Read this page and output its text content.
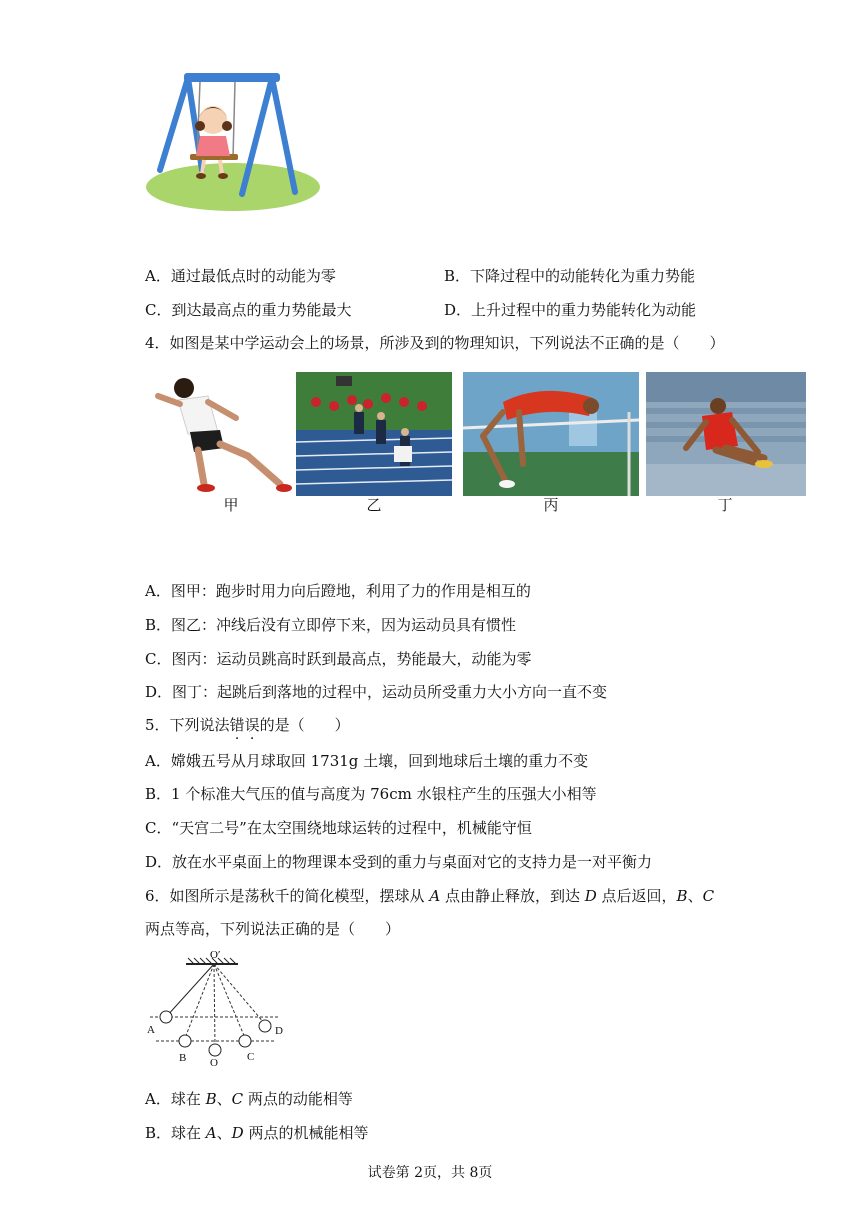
A．通过最低点时的动能为零	B．下降过程中的动能转化为重力势能
C．到达最高点的重力势能最大	D．上升过程中的重力势能转化为动能
4．如图是某中学运动会上的场景，所涉及到的物理知识，下列说法不正确的是（　　）
甲	乙	丙	丁
A．图甲：跑步时用力向后蹬地，利用了力的作用是相互的
B．图乙：冲线后没有立即停下来，因为运动员具有惯性
C．图丙：运动员跳高时跃到最高点，势能最大，动能为零
D．图丁：起跳后到落地的过程中，运动员所受重力大小方向一直不变
5．下列说法错误的是（　　）
A．嫦娥五号从月球取回 1731g 土壤，回到地球后土壤的重力不变
B．1 个标准大气压的值与高度为 76cm 水银柱产生的压强大小相等
C．“天宫二号”在太空围绕地球运转的过程中，机械能守恒
D．放在水平桌面上的物理课本受到的重力与桌面对它的支持力是一对平衡力
6．如图所示是荡秋千的简化模型，摆球从 A 点由静止释放，到达 D 点后返回，B、C
两点等高，下列说法正确的是（　　）
O′
A
B O	C
D
A．球在 B、C 两点的动能相等
B．球在 A、D 两点的机械能相等
试卷第 2页，共 8页
